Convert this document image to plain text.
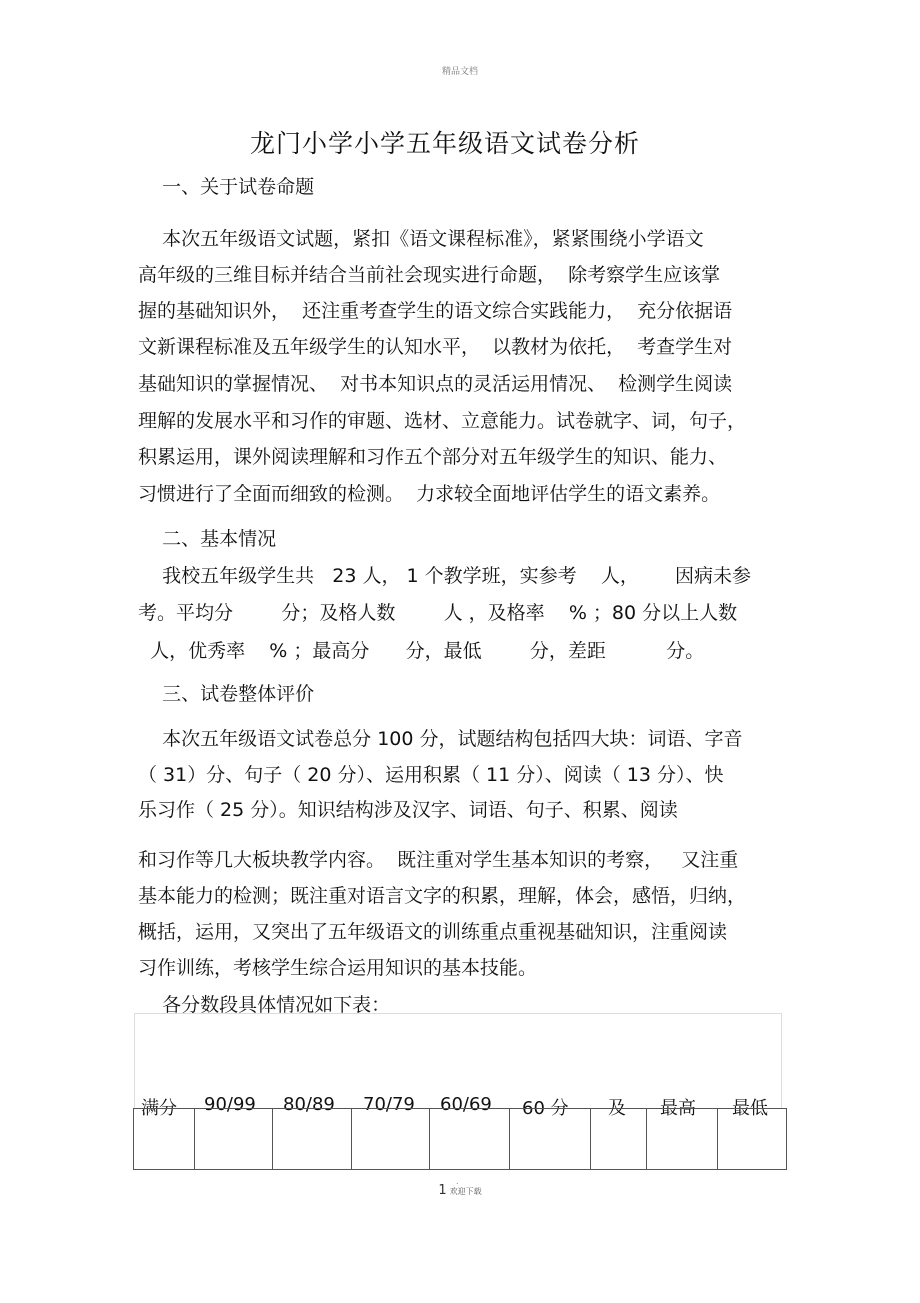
精品文档
龙门小学小学五年级语文试卷分析
一、关于试卷命题
本次五年级语文试题，紧扣《语文课程标准》，紧紧围绕小学语文
高年级的三维目标并结合当前社会现实进行命题，  除考察学生应该掌
握的基础知识外，  还注重考查学生的语文综合实践能力，  充分依据语
文新课程标准及五年级学生的认知水平，  以教材为依托，  考查学生对
基础知识的掌握情况、  对书本知识点的灵活运用情况、  检测学生阅读
理解的发展水平和习作的审题、选材、立意能力。试卷就字、词，句子，
积累运用，课外阅读理解和习作五个部分对五年级学生的知识、能力、
习惯进行了全面而细致的检测。  力求较全面地评估学生的语文素养。
二、基本情况
我校五年级学生共   23 人， 1 个教学班，实参考    人，      因病未参
考。平均分        分；及格人数        人 ，及格率    % ；80 分以上人数
人，优秀率    % ；最高分      分，最低        分，差距          分。
三、试卷整体评价
本次五年级语文试卷总分 100 分，试题结构包括四大块：词语、字音
（ 31）分、句子（ 20 分）、运用积累（ 11 分）、阅读（ 13 分）、快
乐习作（ 25 分）。知识结构涉及汉字、词语、句子、积累、阅读
和习作等几大板块教学内容。  既注重对学生基本知识的考察，   又注重
基本能力的检测；既注重对语言文字的积累，理解，体会，感悟，归纳，
概括，运用，又突出了五年级语文的训练重点重视基础知识，注重阅读
习作训练，考核学生综合运用知识的基本技能。
各分数段具体情况如下表：
满分 90/99 80/89 70/79 60/69 60 分 及 最高 最低
.
1 欢迎下载
